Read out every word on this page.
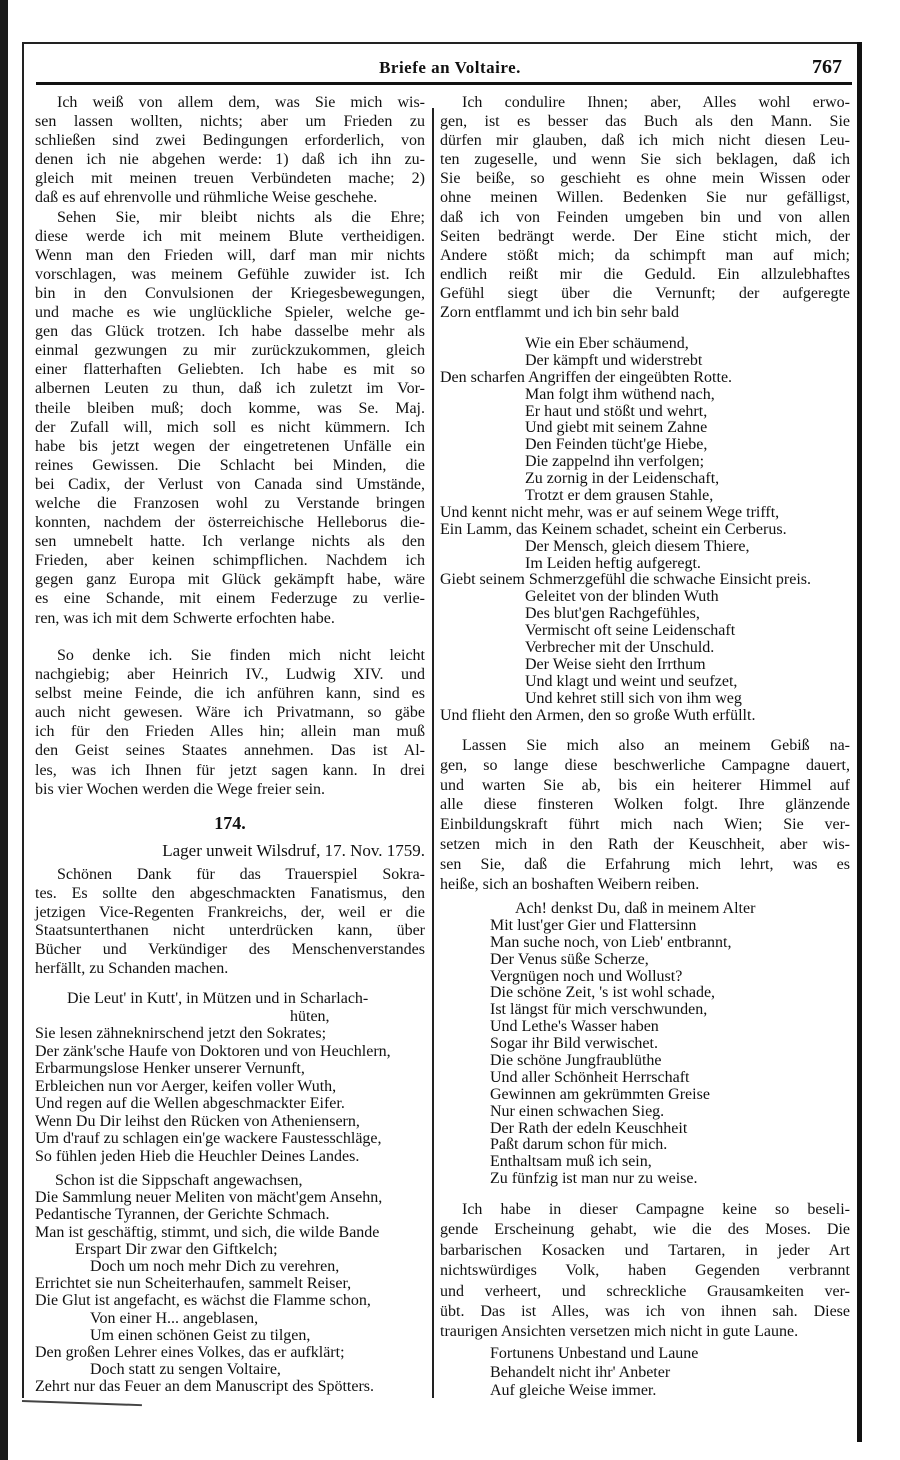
Briefe an Voltaire.	767
174.
Lager unweit Wilsdruf, 17. Nov. 1759.
Ich weiß von allem dem, was Sie mich wis-
sen lassen wollten, nichts; aber um Frieden zu
schließen sind zwei Bedingungen erforderlich, von
denen ich nie abgehen werde: 1) daß ich ihn zu-
gleich mit meinen treuen Verbündeten mache; 2)
daß es auf ehrenvolle und rühmliche Weise geschehe.
Sehen Sie, mir bleibt nichts als die Ehre;
diese werde ich mit meinem Blute vertheidigen.
Wenn man den Frieden will, darf man mir nichts
vorschlagen, was meinem Gefühle zuwider ist. Ich
bin in den Convulsionen der Kriegesbewegungen,
und mache es wie unglückliche Spieler, welche ge-
gen das Glück trotzen. Ich habe dasselbe mehr als
einmal gezwungen zu mir zurückzukommen, gleich
einer flatterhaften Geliebten. Ich habe es mit so
albernen Leuten zu thun, daß ich zuletzt im Vor-
theile bleiben muß; doch komme, was Se. Maj.
der Zufall will, mich soll es nicht kümmern. Ich
habe bis jetzt wegen der eingetretenen Unfälle ein
reines Gewissen. Die Schlacht bei Minden, die
bei Cadix, der Verlust von Canada sind Umstände,
welche die Franzosen wohl zu Verstande bringen
konnten, nachdem der österreichische Helleborus die-
sen umnebelt hatte. Ich verlange nichts als den
Frieden, aber keinen schimpflichen. Nachdem ich
gegen ganz Europa mit Glück gekämpft habe, wäre
es eine Schande, mit einem Federzuge zu verlie-
ren, was ich mit dem Schwerte erfochten habe.
So denke ich. Sie finden mich nicht leicht
nachgiebig; aber Heinrich IV., Ludwig XIV. und
selbst meine Feinde, die ich anführen kann, sind es
auch nicht gewesen. Wäre ich Privatmann, so gäbe
ich für den Frieden Alles hin; allein man muß
den Geist seines Staates annehmen. Das ist Al-
les, was ich Ihnen für jetzt sagen kann. In drei
bis vier Wochen werden die Wege freier sein.
Schönen Dank für das Trauerspiel Sokra-
tes. Es sollte den abgeschmackten Fanatismus, den
jetzigen Vice-Regenten Frankreichs, der, weil er die
Staatsunterthanen nicht unterdrücken kann, über
Bücher und Verkündiger des Menschenverstandes
herfällt, zu Schanden machen.
Die Leut' in Kutt', in Mützen und in Scharlach-
hüten,
Sie lesen zähneknirschend jetzt den Sokrates;
Der zänk'sche Haufe von Doktoren und von Heuchlern,
Erbarmungslose Henker unserer Vernunft,
Erbleichen nun vor Aerger, keifen voller Wuth,
Und regen auf die Wellen abgeschmackter Eifer.
Wenn Du Dir leihst den Rücken von Atheniensern,
Um d'rauf zu schlagen ein'ge wackere Faustesschläge,
So fühlen jeden Hieb die Heuchler Deines Landes.
Schon ist die Sippschaft angewachsen,
Die Sammlung neuer Meliten von mächt'gem Ansehn,
Pedantische Tyrannen, der Gerichte Schmach.
Man ist geschäftig, stimmt, und sich, die wilde Bande
Erspart Dir zwar den Giftkelch;
Doch um noch mehr Dich zu verehren,
Errichtet sie nun Scheiterhaufen, sammelt Reiser,
Die Glut ist angefacht, es wächst die Flamme schon,
Von einer H... angeblasen,
Um einen schönen Geist zu tilgen,
Den großen Lehrer eines Volkes, das er aufklärt;
Doch statt zu sengen Voltaire,
Zehrt nur das Feuer an dem Manuscript des Spötters.
Ich condulire Ihnen; aber, Alles wohl erwo-
gen, ist es besser das Buch als den Mann. Sie
dürfen mir glauben, daß ich mich nicht diesen Leu-
ten zugeselle, und wenn Sie sich beklagen, daß ich
Sie beiße, so geschieht es ohne mein Wissen oder
ohne meinen Willen. Bedenken Sie nur gefälligst,
daß ich von Feinden umgeben bin und von allen
Seiten bedrängt werde. Der Eine sticht mich, der
Andere stößt mich; da schimpft man auf mich;
endlich reißt mir die Geduld. Ein allzulebhaftes
Gefühl siegt über die Vernunft; der aufgeregte
Zorn entflammt und ich bin sehr bald
Wie ein Eber schäumend,
Der kämpft und widerstrebt
Den scharfen Angriffen der eingeübten Rotte.
Man folgt ihm wüthend nach,
Er haut und stößt und wehrt,
Und giebt mit seinem Zahne
Den Feinden tücht'ge Hiebe,
Die zappelnd ihn verfolgen;
Zu zornig in der Leidenschaft,
Trotzt er dem grausen Stahle,
Und kennt nicht mehr, was er auf seinem Wege trifft,
Ein Lamm, das Keinem schadet, scheint ein Cerberus.
Der Mensch, gleich diesem Thiere,
Im Leiden heftig aufgeregt.
Giebt seinem Schmerzgefühl die schwache Einsicht preis.
Geleitet von der blinden Wuth
Des blut'gen Rachgefühles,
Vermischt oft seine Leidenschaft
Verbrecher mit der Unschuld.
Der Weise sieht den Irrthum
Und klagt und weint und seufzet,
Und kehret still sich von ihm weg
Und flieht den Armen, den so große Wuth erfüllt.
Lassen Sie mich also an meinem Gebiß na-
gen, so lange diese beschwerliche Campagne dauert,
und warten Sie ab, bis ein heiterer Himmel auf
alle diese finsteren Wolken folgt. Ihre glänzende
Einbildungskraft führt mich nach Wien; Sie ver-
setzen mich in den Rath der Keuschheit, aber wis-
sen Sie, daß die Erfahrung mich lehrt, was es
heiße, sich an boshaften Weibern reiben.
Ach! denkst Du, daß in meinem Alter
Mit lust'ger Gier und Flattersinn
Man suche noch, von Lieb' entbrannt,
Der Venus süße Scherze,
Vergnügen noch und Wollust?
Die schöne Zeit, 's ist wohl schade,
Ist längst für mich verschwunden,
Und Lethe's Wasser haben
Sogar ihr Bild verwischet.
Die schöne Jungfraublüthe
Und aller Schönheit Herrschaft
Gewinnen am gekrümmten Greise
Nur einen schwachen Sieg.
Der Rath der edeln Keuschheit
Paßt darum schon für mich.
Enthaltsam muß ich sein,
Zu fünfzig ist man nur zu weise.
Ich habe in dieser Campagne keine so beseli-
gende Erscheinung gehabt, wie die des Moses. Die
barbarischen Kosacken und Tartaren, in jeder Art
nichtswürdiges Volk, haben Gegenden verbrannt
und verheert, und schreckliche Grausamkeiten ver-
übt. Das ist Alles, was ich von ihnen sah. Diese
traurigen Ansichten versetzen mich nicht in gute Laune.
Fortunens Unbestand und Laune
Behandelt nicht ihr' Anbeter
Auf gleiche Weise immer.
